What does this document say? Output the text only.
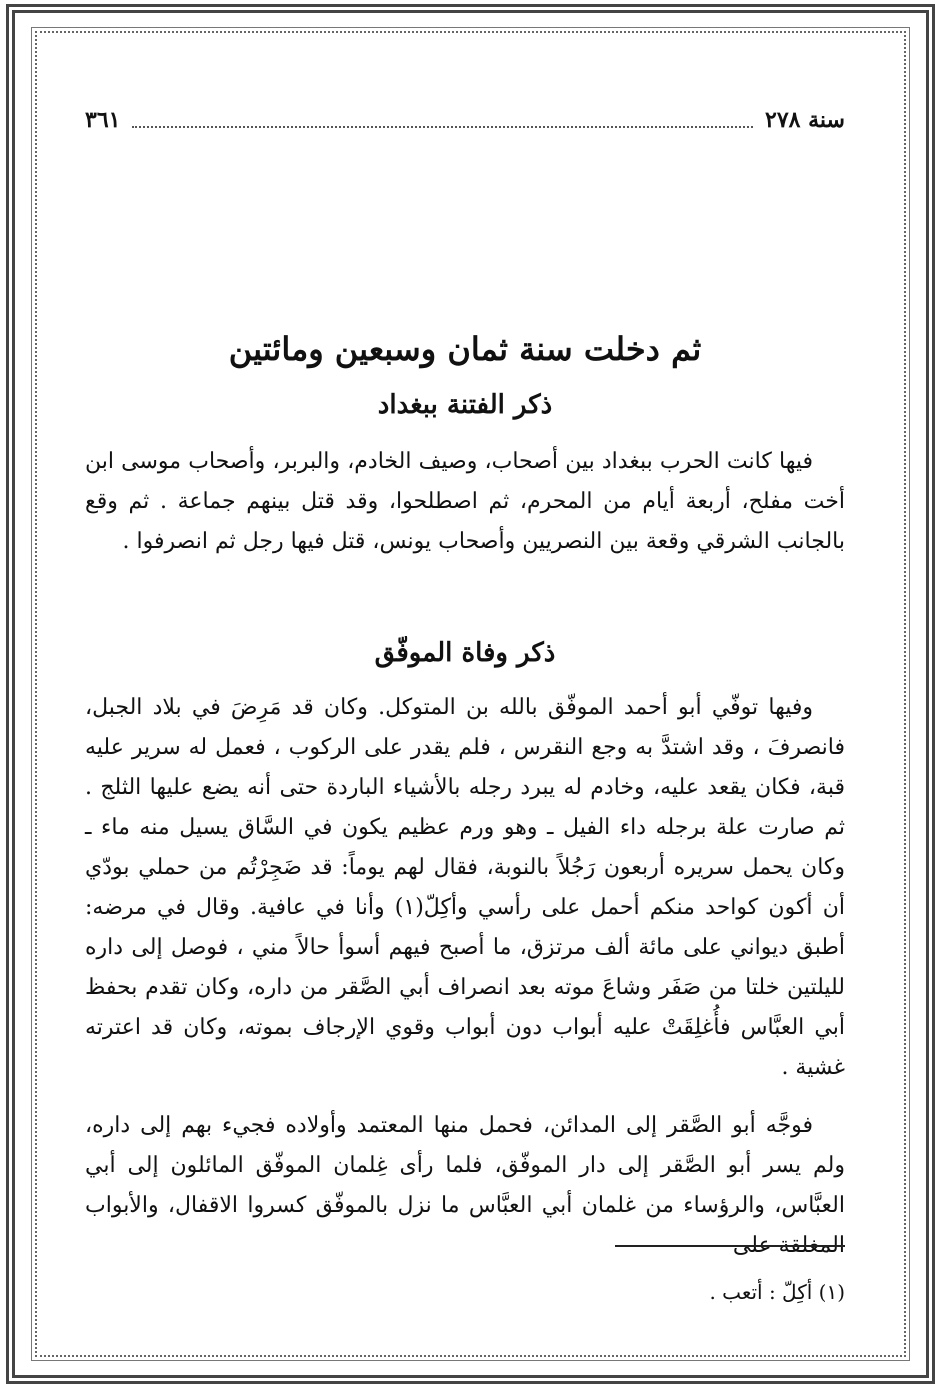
سنة ٢٧٨
٣٦١
ثم دخلت سنة ثمان وسبعين ومائتين
ذكر الفتنة ببغداد
فيها كانت الحرب ببغداد بين أصحاب، وصيف الخادم، والبربر، وأصحاب موسى ابن أخت مفلح، أربعة أيام من المحرم، ثم اصطلحوا، وقد قتل بينهم جماعة . ثم وقع بالجانب الشرقي وقعة بين النصريين وأصحاب يونس، قتل فيها رجل ثم انصرفوا .
ذكر وفاة الموفّق
وفيها توفّي أبو أحمد الموفّق بالله بن المتوكل. وكان قد مَرِضَ في بلاد الجبل، فانصرفَ ، وقد اشتدَّ به وجع النقرس ، فلم يقدر على الركوب ، فعمل له سرير عليه قبة، فكان يقعد عليه، وخادم له يبرد رجله بالأشياء الباردة حتى أنه يضع عليها الثلج . ثم صارت علة برجله داء الفيل ـ وهو ورم عظيم يكون في السَّاق يسيل منه ماء ـ وكان يحمل سريره أربعون رَجُلاً بالنوبة، فقال لهم يوماً: قد ضَجِرْتُم من حملي بودّي أن أكون كواحد منكم أحمل على رأسي وأكِلّ(١) وأنا في عافية. وقال في مرضه: أطبق ديواني على مائة ألف مرتزق، ما أصبح فيهم أسوأ حالاً مني ، فوصل إلى داره لليلتين خلتا من صَفَر وشاعَ موته بعد انصراف أبي الصَّقر من داره، وكان تقدم بحفظ أبي العبَّاس فأُغلِقَتْ عليه أبواب دون أبواب وقوي الإرجاف بموته، وكان قد اعترته غشية .
فوجَّه أبو الصَّقر إلى المدائن، فحمل منها المعتمد وأولاده فجيء بهم إلى داره، ولم يسر أبو الصَّقر إلى دار الموفّق، فلما رأى غِلمان الموفّق المائلون إلى أبي العبَّاس، والرؤساء من غلمان أبي العبَّاس ما نزل بالموفّق كسروا الاقفال، والأبواب المغلقة على
(١) أكِلّ : أتعب .
